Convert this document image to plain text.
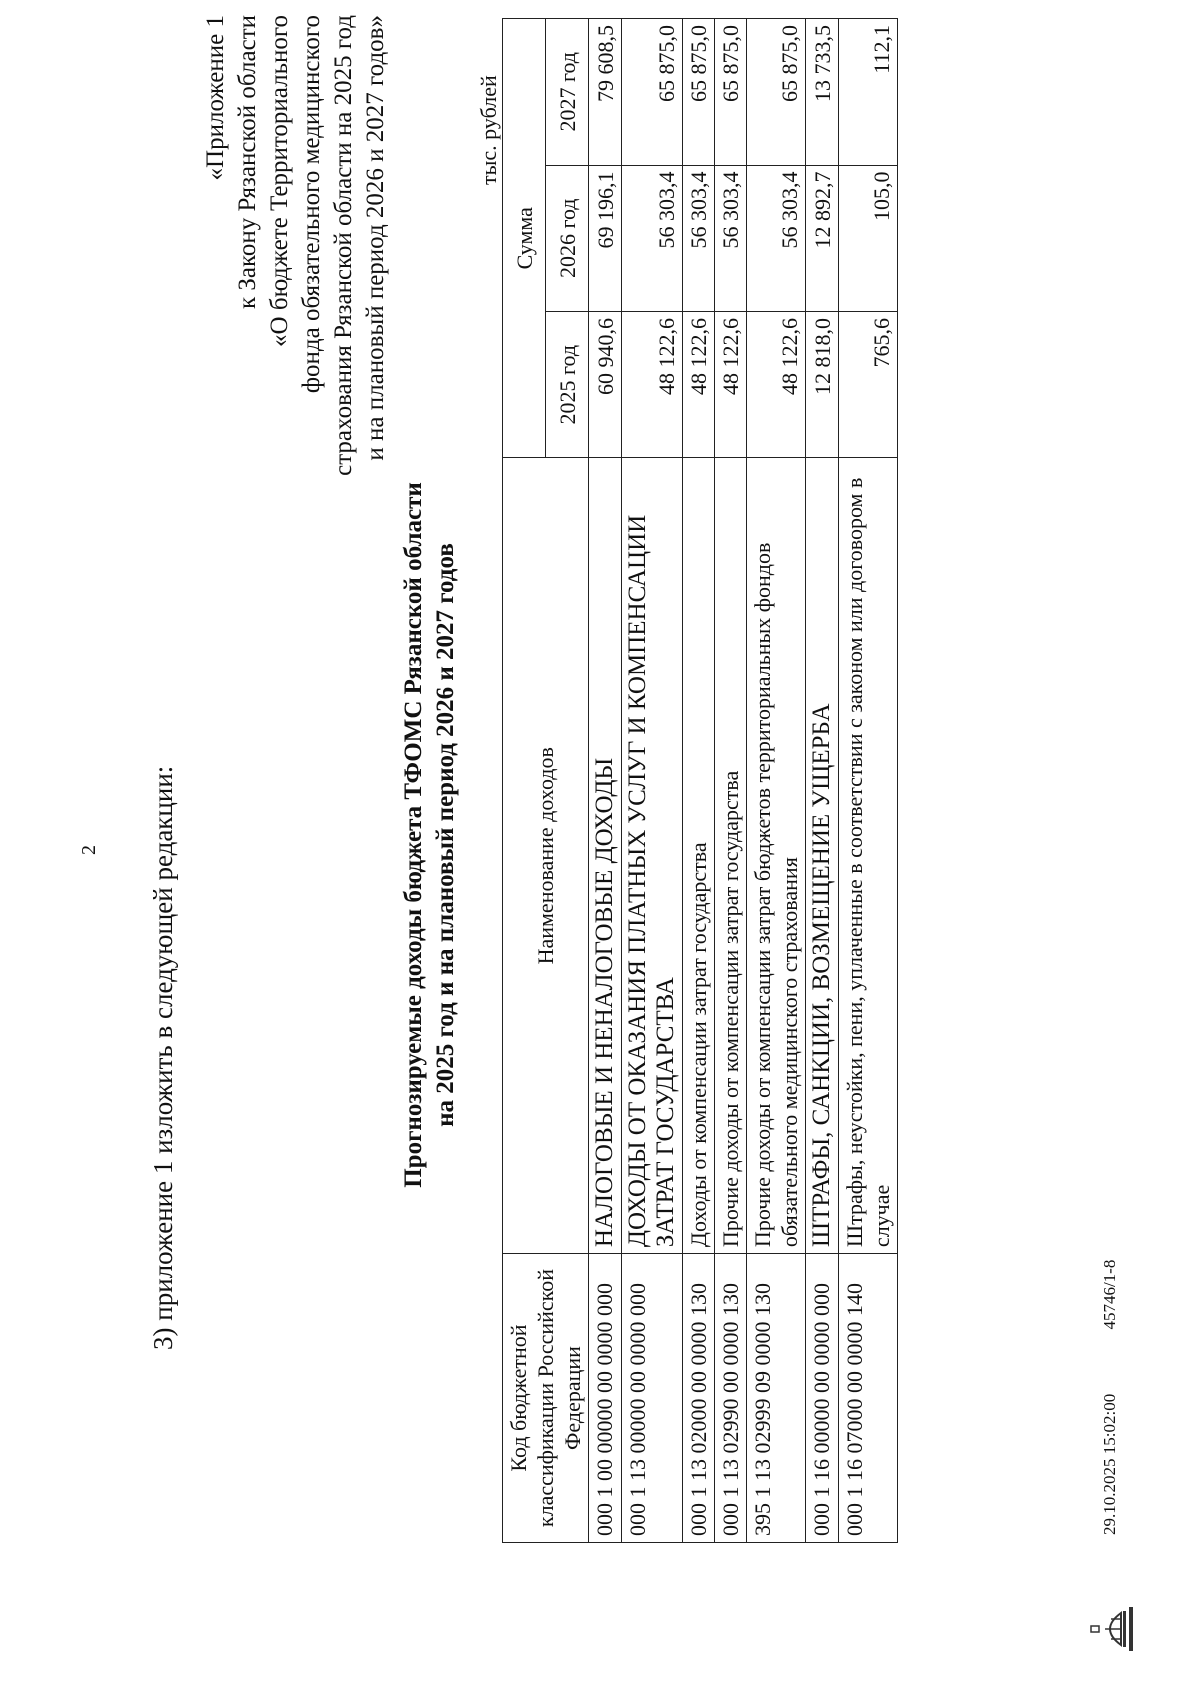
2 3) приложение 1 изложить в следующей редакции:
«Приложение 1 к Закону Рязанской области «О бюджете Территориального фонда обязательного медицинского страхования Рязанской области на 2025 год и на плановый период 2026 и 2027 годов»
Прогнозируемые доходы бюджета ТФОМС Рязанской области на 2025 год и на плановый период 2026 и 2027 годов
тыс. рублей
Код бюджетной классификации Российской Федерации	Наименование доходов	Сумма		
		2025 год	2026 год	2027 год
000 1 00 00000 00 0000 000	НАЛОГОВЫЕ И НЕНАЛОГОВЫЕ ДОХОДЫ	60 940,6	69 196,1	79 608,5
000 1 13 00000 00 0000 000	ДОХОДЫ ОТ ОКАЗАНИЯ ПЛАТНЫХ УСЛУГ И КОМПЕНСАЦИИ ЗАТРАТ ГОСУДАРСТВА	48 122,6	56 303,4	65 875,0
000 1 13 02000 00 0000 130	Доходы от компенсации затрат государства	48 122,6	56 303,4	65 875,0
000 1 13 02990 00 0000 130	Прочие доходы от компенсации затрат государства	48 122,6	56 303,4	65 875,0
395 1 13 02999 09 0000 130	Прочие доходы от компенсации затрат бюджетов территориальных фондов обязательного медицинского страхования	48 122,6	56 303,4	65 875,0
000 1 16 00000 00 0000 000	ШТРАФЫ, САНКЦИИ, ВОЗМЕЩЕНИЕ УЩЕРБА	12 818,0	12 892,7	13 733,5
000 1 16 07000 00 0000 140	Штрафы, неустойки, пени, уплаченные в соответствии с законом или договором в случае	765,6	105,0	112,1
29.10.2025 15:02:00 45746/1-8
